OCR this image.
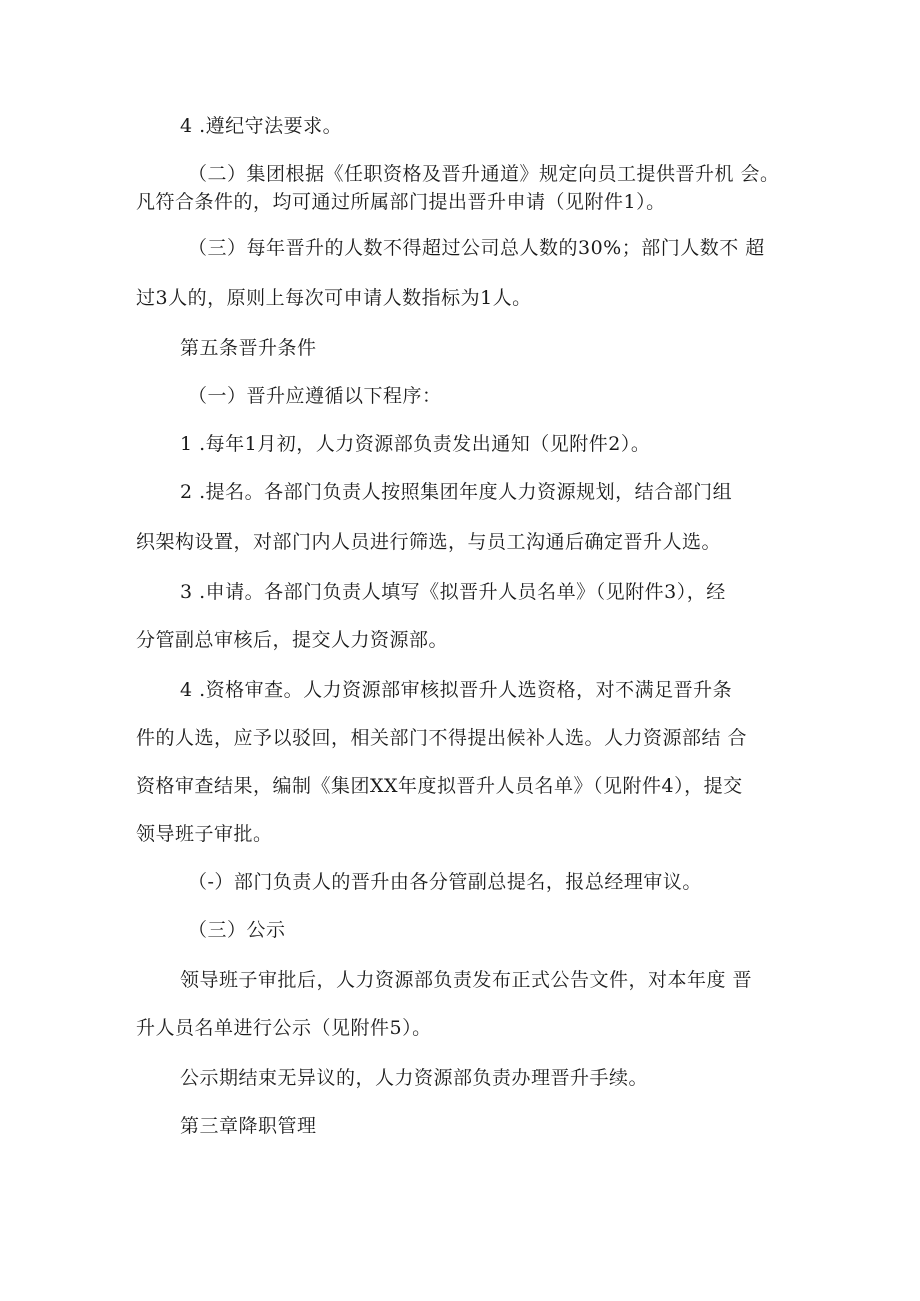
4 .遵纪守法要求。
（二）集团根据《任职资格及晋升通道》规定向员工提供晋升机 会。
凡符合条件的，均可通过所属部门提出晋升申请（见附件1）。
（三）每年晋升的人数不得超过公司总人数的30%；部门人数不 超
过3人的，原则上每次可申请人数指标为1人。
第五条晋升条件
（一）晋升应遵循以下程序：
1 .每年1月初，人力资源部负责发出通知（见附件2）。
2 .提名。各部门负责人按照集团年度人力资源规划，结合部门组
织架构设置，对部门内人员进行筛选，与员工沟通后确定晋升人选。
3 .申请。各部门负责人填写《拟晋升人员名单》（见附件3），经
分管副总审核后，提交人力资源部。
4 .资格审查。人力资源部审核拟晋升人选资格，对不满足晋升条
件的人选，应予以驳回，相关部门不得提出候补人选。人力资源部结 合
资格审查结果，编制《集团XX年度拟晋升人员名单》（见附件4），提交
领导班子审批。
（-）部门负责人的晋升由各分管副总提名，报总经理审议。
（三）公示
领导班子审批后，人力资源部负责发布正式公告文件，对本年度 晋
升人员名单进行公示（见附件5）。
公示期结束无异议的，人力资源部负责办理晋升手续。
第三章降职管理
